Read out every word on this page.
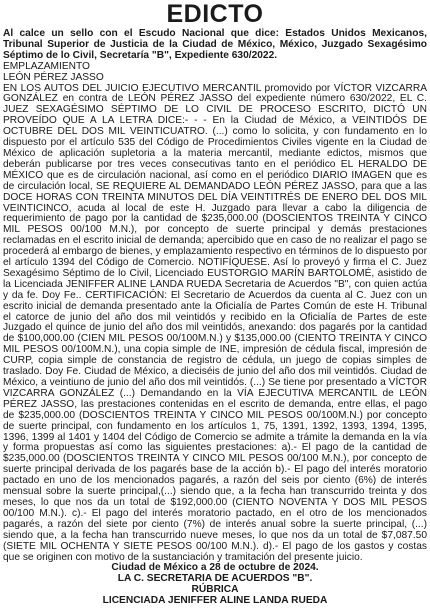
EDICTO

Al calce un sello con el Escudo Nacional que dice: Estados Unidos Mexicanos, Tribunal Superior de Justicia de la Ciudad de México, México, Juzgado Sexagésimo Séptimo de lo Civil, Secretaría "B", Expediente 630/2022.

EMPLAZAMIENTO

LEÓN PÉREZ JASSO

EN LOS AUTOS DEL JUICIO EJECUTIVO MERCANTIL promovido por VÍCTOR VIZCARRA GONZÁLEZ en contra de LEÓN PÉREZ JASSO del expediente número 630/2022, EL C. JUEZ SEXAGÉSIMO SÉPTIMO DE LO CIVIL DE PROCESO ESCRITO, DICTÓ UN PROVEÍDO QUE A LA LETRA DICE:- - - En la Ciudad de México, a VEINTIDÓS DE OCTUBRE DEL DOS MIL VEINTICUATRO. (...) como lo solicita, y con fundamento en lo dispuesto por el artículo 535 del Código de Procedimientos Civiles vigente en la Ciudad de México de aplicación supletoria a la materia mercantil, mediante edictos, mismos que deberán publicarse por tres veces consecutivas tanto en el periódico EL HERALDO DE MÉXICO que es de circulación nacional, así como en el periódico DIARIO IMAGEN que es de circulación local, SE REQUIERE AL DEMANDADO LEÓN PÉREZ JASSO, para que a las DOCE HORAS CON TREINTA MINUTOS DEL DÍA VEINTITRÉS DE ENERO DEL DOS MIL VEINTICINCO, acuda al local de este H. Juzgado para llevar a cabo la diligencia de requerimiento de pago por la cantidad de $235,000.00 (DOSCIENTOS TREINTA Y CINCO MIL PESOS 00/100 M.N.), por concepto de suerte principal y demás prestaciones reclamadas en el escrito inicial de demanda; apercibido que en caso de no realizar el pago se procederá al embargo de bienes, y emplazamiento respectivo en términos de lo dispuesto por el artículo 1394 del Código de Comercio. NOTIFÍQUESE. Así lo proveyó y firma el C. Juez Sexagésimo Séptimo de lo Civil, Licenciado EUSTORGIO MARÍN BARTOLOMÉ, asistido de la Licenciada JENIFFER ALINE LANDA RUEDA Secretaria de Acuerdos "B", con quien actúa y da fe. Doy Fe.. CERTIFICACIÓN: El Secretario de Acuerdos da cuenta al C. Juez con un escrito inicial de demanda presentado ante la Oficialía de Partes Común de este H. Tribunal el catorce de junio del año dos mil veintidós y recibido en la Oficialía de Partes de este Juzgado el quince de junio del año dos mil veintidós, anexando: dos pagarés por la cantidad de $100,000.00 (CIEN MIL PESOS 00/100M.N.) y $135,000.00 (CIENTO TREINTA Y CINCO MIL PESOS 00/100M.N.), una copia simple de INE, impresión de cédula fiscal, impresión de CURP, copia simple de constancia de registro de cédula, un juego de copias simples de traslado. Doy Fe. Ciudad de México, a dieciséis de junio del año dos mil veintidós. Ciudad de México, a veintiuno de junio del año dos mil veintidós. (...) Se tiene por presentado a VÍCTOR VIZCARRA GONZÁLEZ (...) Demandando en la VÍA EJECUTIVA MERCANTIL de LEÓN PÉREZ JASSO, las prestaciones contenidas en el escrito de demanda, entre ellas, el pago de $235,000.00 (DOSCIENTOS TREINTA Y CINCO MIL PESOS 00/100M.N.) por concepto de suerte principal, con fundamento en los artículos 1, 75, 1391, 1392, 1393, 1394, 1395, 1396, 1399 al 1401 y 1404 del Código de Comercio se admite a trámite la demanda en la vía y forma propuestas así como las siguientes prestaciones: a).- El pago de la cantidad de $235,000.00 (DOSCIENTOS TREINTA Y CINCO MIL PESOS 00/100 M.N.), por concepto de suerte principal derivada de los pagarés base de la acción b).- El pago del interés moratorio pactado en uno de los mencionados pagarés, a razón del seis por ciento (6%) de interés mensual sobre la suerte principal,(...) siendo que, a la fecha han transcurrido treinta y dos meses, lo que nos da un total de $192,000.00 (CIENTO NOVENTA Y DOS MIL PESOS 00/100 M.N.). c).- El pago del interés moratorio pactado, en el otro de los mencionados pagarés, a razón del siete por ciento (7%) de interés anual sobre la suerte principal, (...) siendo que, a la fecha han transcurrido nueve meses, lo que nos da un total de $7,087.50 (SIETE MIL OCHENTA Y SIETE PESOS 00/100 M.N.). d).- El pago de los gastos y costas que se originen con motivo de la sustanciación y tramitación del presente juicio.

Ciudad de México a 28 de octubre de 2024.

LA C. SECRETARIA DE ACUERDOS "B".

RÚBRICA

LICENCIADA JENIFFER ALINE LANDA RUEDA
